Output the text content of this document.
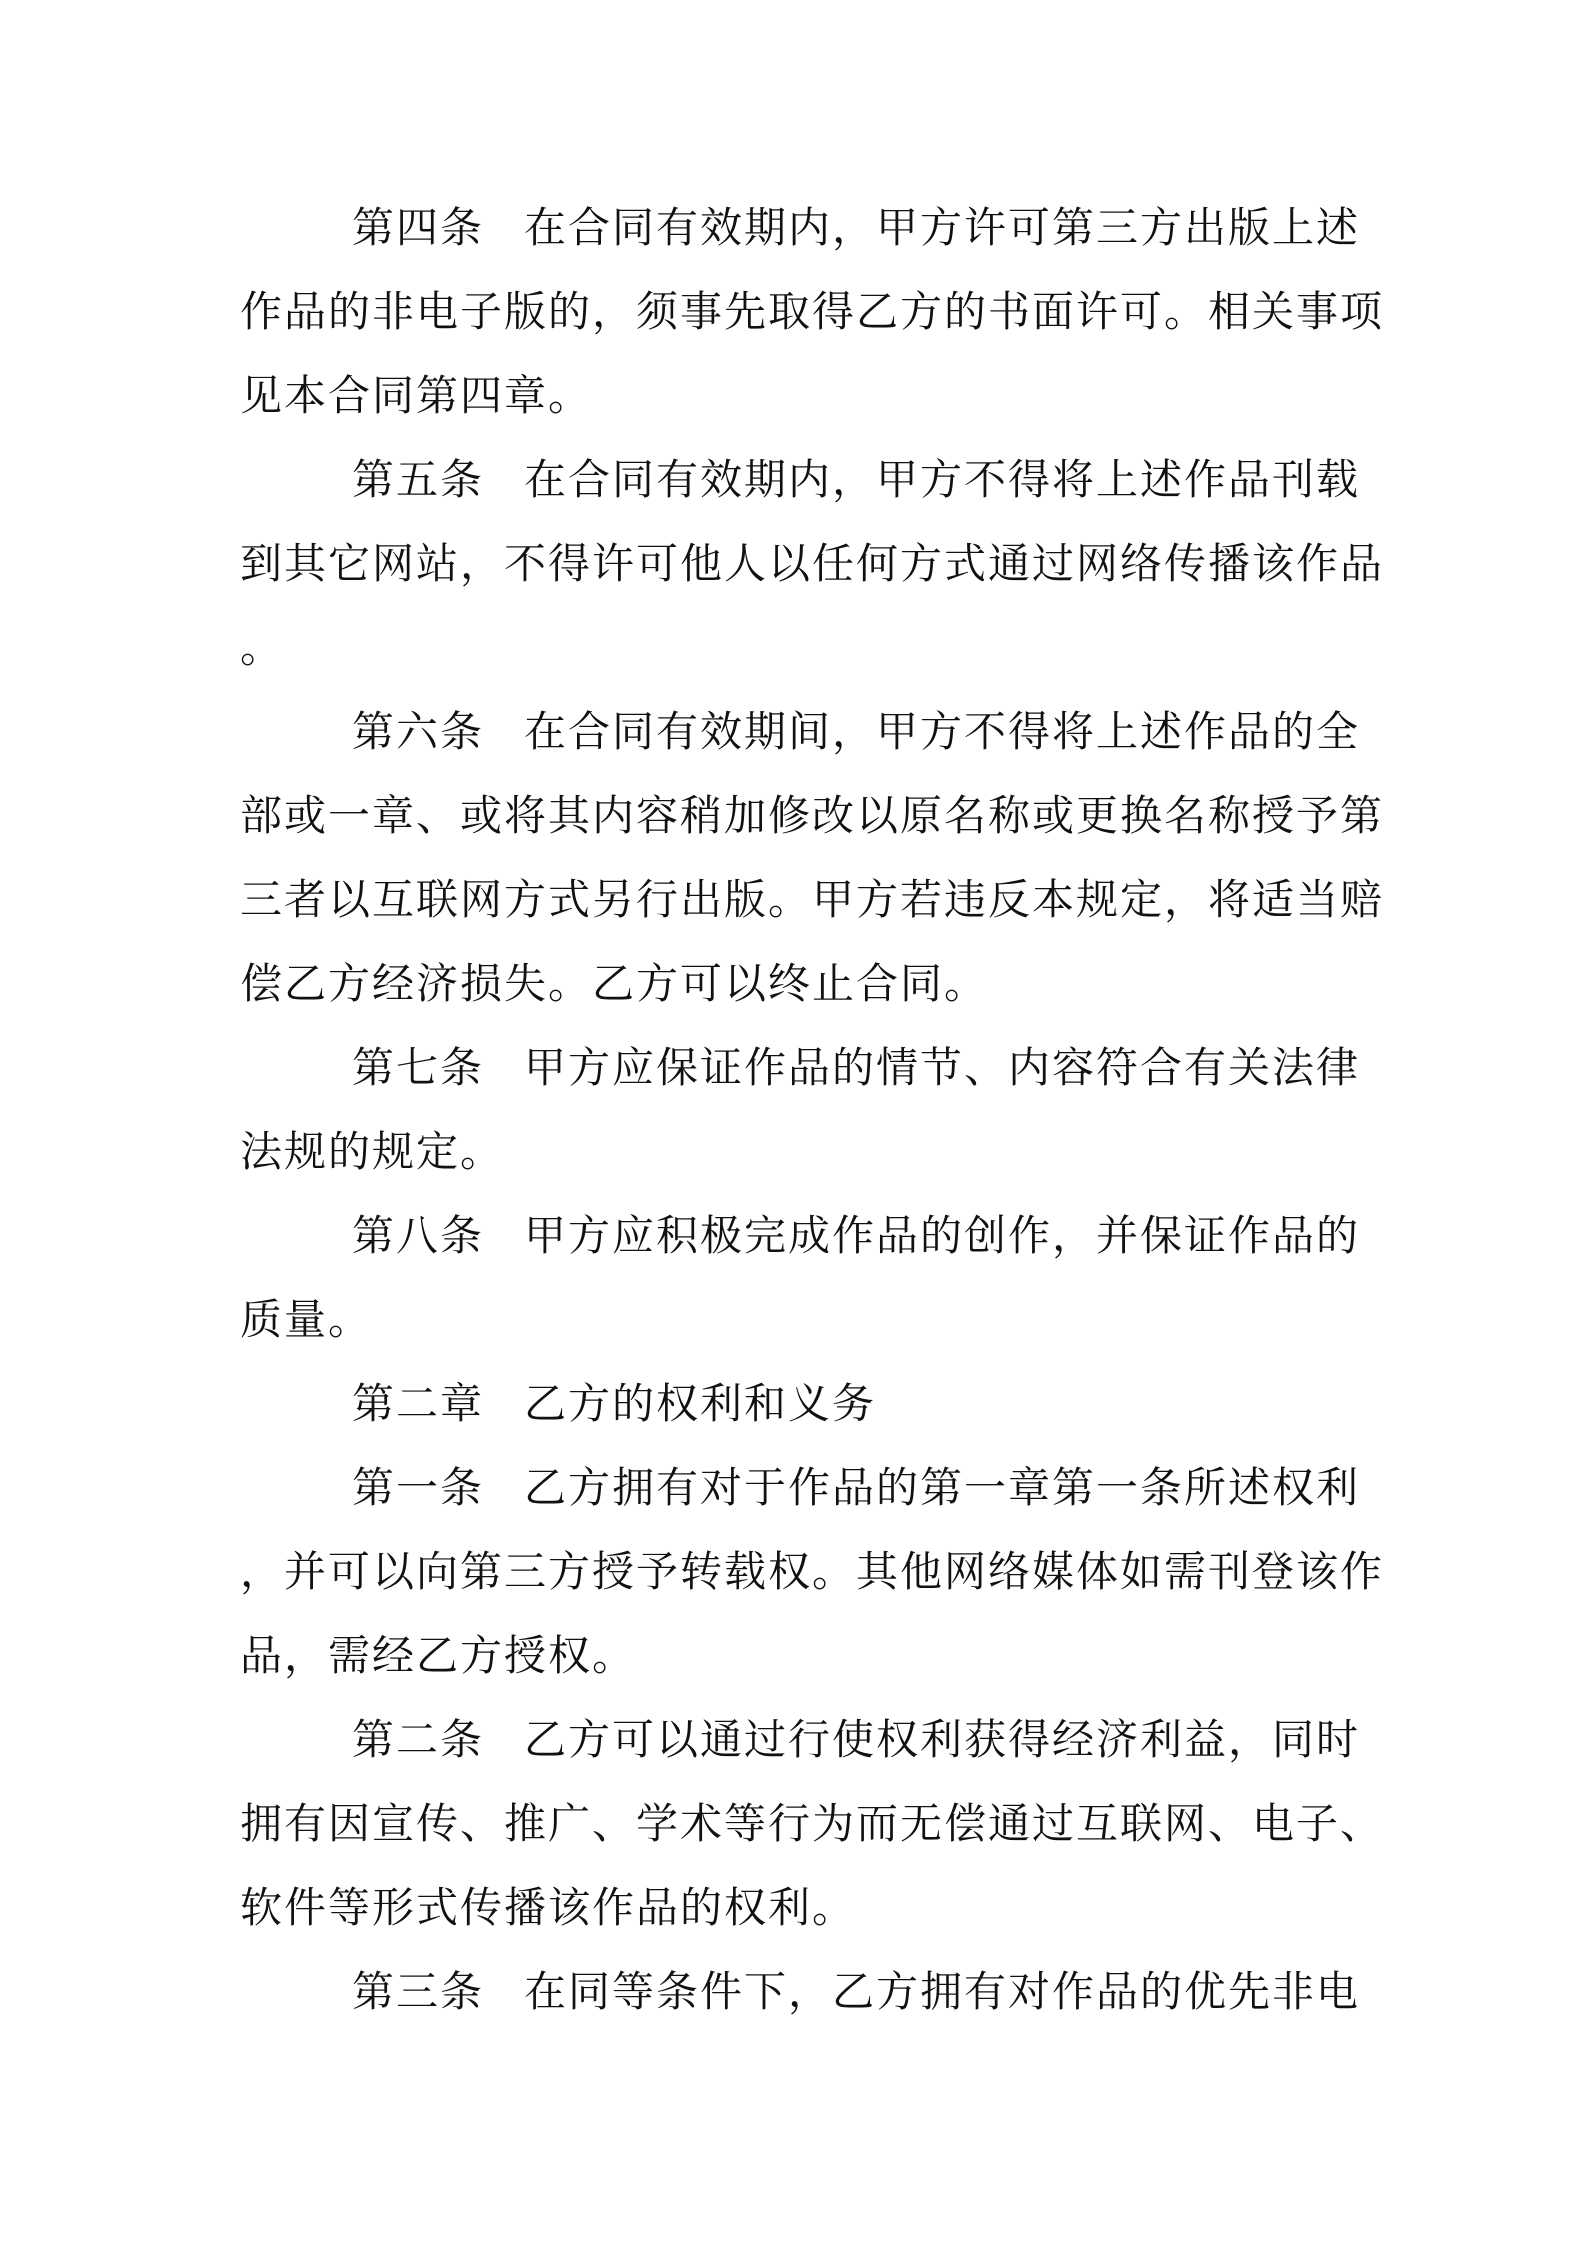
第四条 在合同有效期内，甲方许可第三方出版上述
作品的非电子版的，须事先取得乙方的书面许可。相关事项
见本合同第四章。
第五条 在合同有效期内，甲方不得将上述作品刊载
到其它网站，不得许可他人以任何方式通过网络传播该作品
。
第六条 在合同有效期间，甲方不得将上述作品的全
部或一章、或将其内容稍加修改以原名称或更换名称授予第
三者以互联网方式另行出版。甲方若违反本规定，将适当赔
偿乙方经济损失。乙方可以终止合同。
第七条 甲方应保证作品的情节、内容符合有关法律
法规的规定。
第八条 甲方应积极完成作品的创作，并保证作品的
质量。
第二章 乙方的权利和义务
第一条 乙方拥有对于作品的第一章第一条所述权利
，并可以向第三方授予转载权。其他网络媒体如需刊登该作
品，需经乙方授权。
第二条 乙方可以通过行使权利获得经济利益，同时
拥有因宣传、推广、学术等行为而无偿通过互联网、电子、
软件等形式传播该作品的权利。
第三条 在同等条件下，乙方拥有对作品的优先非电
